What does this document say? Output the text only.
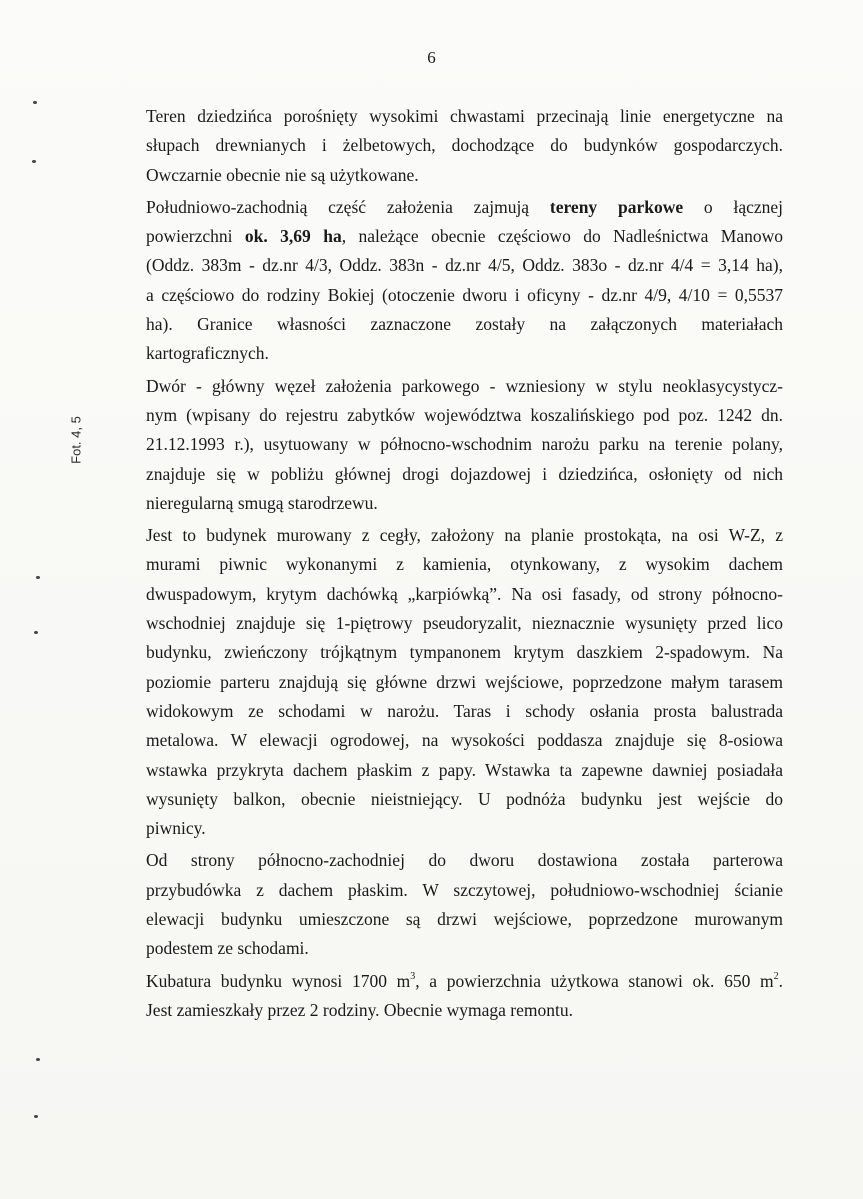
6
Fot. 4, 5

Teren dziedzińca porośnięty wysokimi chwastami przecinają linie energetyczne na
słupach drewnianych i żelbetowych, dochodzące do budynków gospodarczych.
Owczarnie obecnie nie są użytkowane.

Południowo-zachodnią część założenia zajmują tereny parkowe o łącznej
powierzchni ok. 3,69 ha, należące obecnie częściowo do Nadleśnictwa Manowo
(Oddz. 383m - dz.nr 4/3, Oddz. 383n - dz.nr 4/5, Oddz. 383o - dz.nr 4/4 = 3,14 ha),
a częściowo do rodziny Bokiej (otoczenie dworu i oficyny - dz.nr 4/9, 4/10 = 0,5537
ha). Granice własności zaznaczone zostały na załączonych materiałach
kartograficznych.

Dwór - główny węzeł założenia parkowego - wzniesiony w stylu neoklasycystycz-
nym (wpisany do rejestru zabytków województwa koszalińskiego pod poz. 1242 dn.
21.12.1993 r.), usytuowany w północno-wschodnim narożu parku na terenie polany,
znajduje się w pobliżu głównej drogi dojazdowej i dziedzińca, osłonięty od nich
nieregularną smugą starodrzewu.

Jest to budynek murowany z cegły, założony na planie prostokąta, na osi W-Z, z
murami piwnic wykonanymi z kamienia, otynkowany, z wysokim dachem
dwuspadowym, krytym dachówką „karpiówką”. Na osi fasady, od strony północno-
wschodniej znajduje się 1-piętrowy pseudoryzalit, nieznacznie wysunięty przed lico
budynku, zwieńczony trójkątnym tympanonem krytym daszkiem 2-spadowym. Na
poziomie parteru znajdują się główne drzwi wejściowe, poprzedzone małym tarasem
widokowym ze schodami w narożu. Taras i schody osłania prosta balustrada
metalowa. W elewacji ogrodowej, na wysokości poddasza znajduje się 8-osiowa
wstawka przykryta dachem płaskim z papy. Wstawka ta zapewne dawniej posiadała
wysunięty balkon, obecnie nieistniejący. U podnóża budynku jest wejście do
piwnicy.

Od strony północno-zachodniej do dworu dostawiona została parterowa
przybudówka z dachem płaskim. W szczytowej, południowo-wschodniej ścianie
elewacji budynku umieszczone są drzwi wejściowe, poprzedzone murowanym
podestem ze schodami.

Kubatura budynku wynosi 1700 $m^3$, a powierzchnia użytkowa stanowi ok. 650 $m^2$.
Jest zamieszkały przez 2 rodziny. Obecnie wymaga remontu.
